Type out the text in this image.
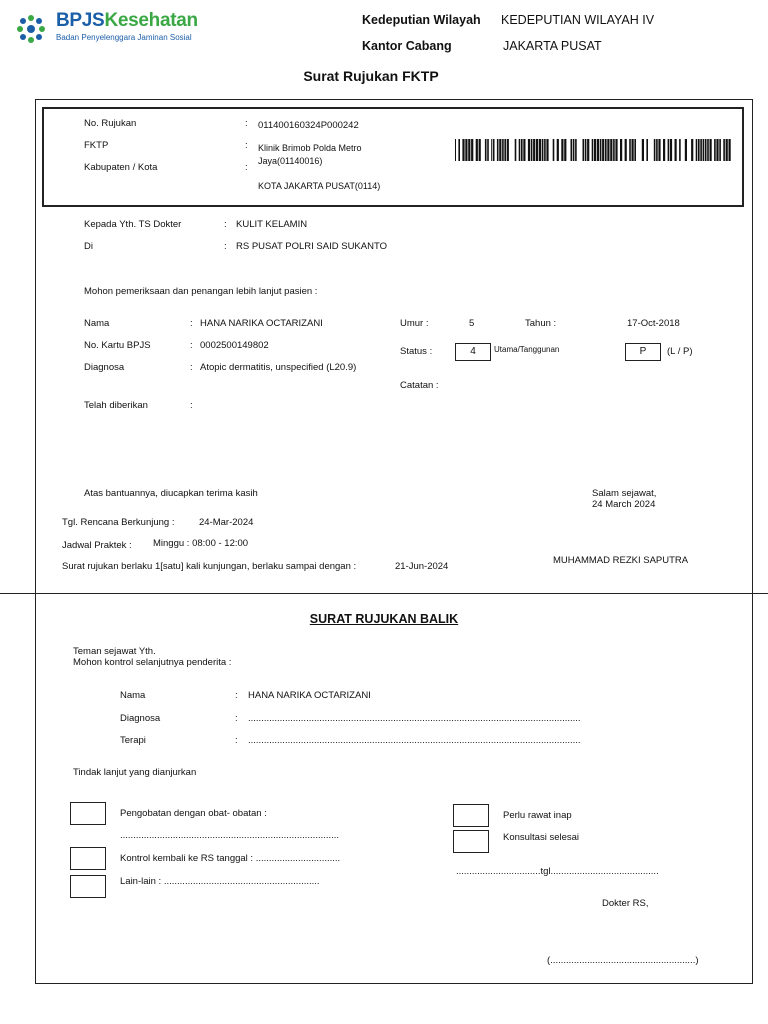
BPJSKesehatan
Badan Penyelenggara Jaminan Sosial
Kedeputian Wilayah KEDEPUTIAN WILAYAH IV
Kantor Cabang	JAKARTA PUSAT
Surat Rujukan FKTP
No. Rujukan	: 011400160324P000242
FKTP	: Klinik Brimob Polda Metro
Jaya(01140016)
Kabupaten / Kota	:
KOTA JAKARTA PUSAT(0114)
Kepada Yth. TS Dokter	: KULIT KELAMIN
Di	: RS PUSAT POLRI SAID SUKANTO
Mohon pemeriksaan dan penangan lebih lanjut pasien :
Nama	: HANA NARIKA OCTARIZANI
No. Kartu BPJS	: 0002500149802
Diagnosa	: Atopic dermatitis, unspecified (L20.9)
Telah diberikan	:
Umur :	5	Tahun :	17-Oct-2018
Status :	4	Utama/Tanggunan	P	(L / P)
Catatan :
Atas bantuannya, diucapkan terima kasih	Salam sejawat,
24 March 2024
Tgl. Rencana Berkunjung :	24-Mar-2024
Jadwal Praktek : Minggu : 08:00 - 12:00
Surat rujukan berlaku 1[satu] kali kunjungan, berlaku sampai dengan :	21-Jun-2024
MUHAMMAD REZKI SAPUTRA
SURAT RUJUKAN BALIK
Teman sejawat Yth.
Mohon kontrol selanjutnya penderita :
Nama	: HANA NARIKA OCTARIZANI
Diagnosa	: ..............................................................................................................................
Terapi	: ..............................................................................................................................
Tindak lanjut yang dianjurkan
Pengobatan dengan obat- obatan :
...................................................................................
Kontrol kembali ke RS tanggal : ................................
Lain-lain : ...........................................................
Perlu rawat inap
Konsultasi selesai
................................tgl.........................................
Dokter RS,
(.......................................................)
